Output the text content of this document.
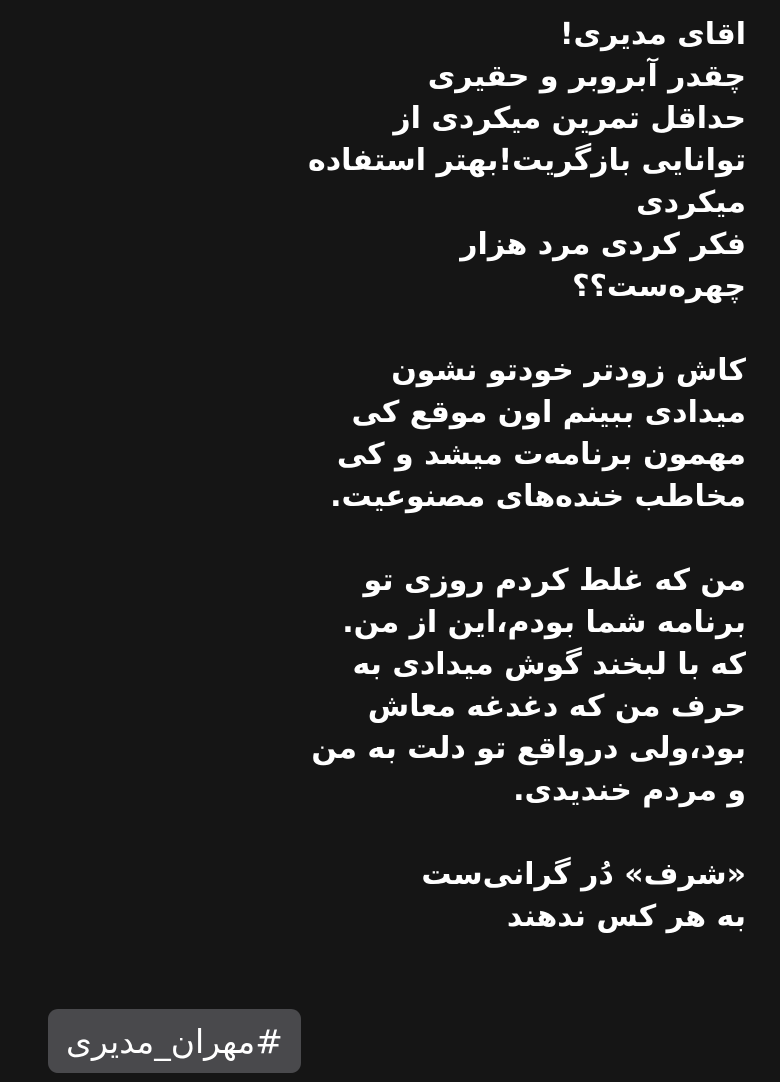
اقای مدیری!
چقدر آبروبر و حقیری
حداقل تمرین میکردی از
توانایی بازگریت!بهتر استفاده
میکردی
فکر کردی مرد هزار
چهره‌ست؟؟
کاش زودتر خودتو نشون
میدادی ببینم اون موقع کی
مهمون برنامه‌ت میشد و کی
مخاطب خنده‌های مصنوعیت.
من که غلط کردم روزی تو
برنامه شما بودم،این از من.
که با لبخند گوش میدادی به
حرف من که دغدغه معاش
بود،ولی درواقع تو دلت به من
و مردم خندیدی.
«شرف» دُر گرانی‌ست
به هر کس ندهند
#مهران_مدیری
